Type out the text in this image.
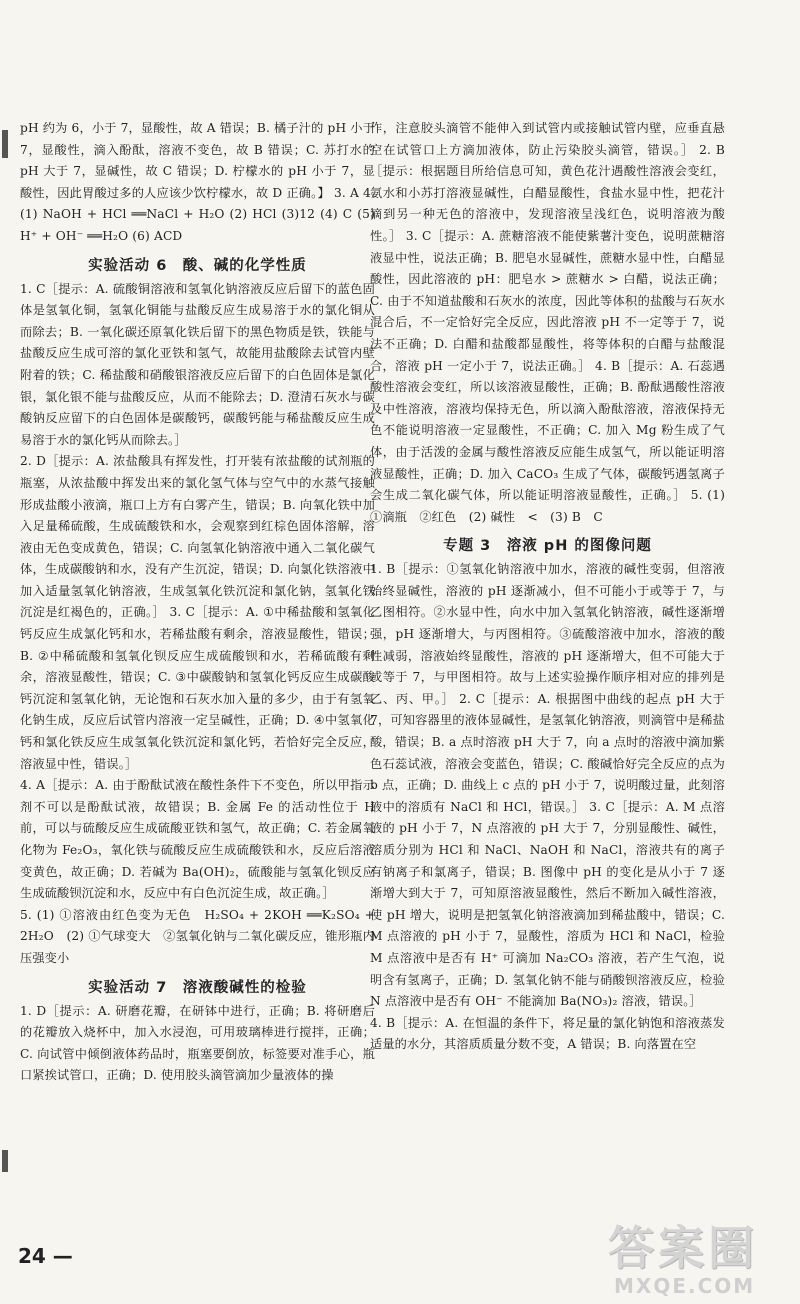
pH 约为 6，小于 7，显酸性，故 A 错误；B. 橘子汁的 pH 小于 7，显酸性，滴入酚酞，溶液不变色，故 B 错误；C. 苏打水的 pH 大于 7，显碱性，故 C 错误；D. 柠檬水的 pH 小于 7，显酸性，因此胃酸过多的人应该少饮柠檬水，故 D 正确。】 3. A 4. (1) NaOH + HCl ══NaCl + H₂O (2) HCl (3)12 (4) C (5) H⁺ + OH⁻ ══H₂O (6) ACD

实验活动 6　酸、碱的化学性质

1. C［提示：A. 硫酸铜溶液和氢氧化钠溶液反应后留下的蓝色固体是氢氧化铜，氢氧化铜能与盐酸反应生成易溶于水的氯化铜从而除去；B. 一氧化碳还原氧化铁后留下的黑色物质是铁，铁能与盐酸反应生成可溶的氯化亚铁和氢气，故能用盐酸除去试管内壁附着的铁；C. 稀盐酸和硝酸银溶液反应后留下的白色固体是氯化银，氯化银不能与盐酸反应，从而不能除去；D. 澄清石灰水与碳酸钠反应留下的白色固体是碳酸钙，碳酸钙能与稀盐酸反应生成易溶于水的氯化钙从而除去。］

2. D［提示：A. 浓盐酸具有挥发性，打开装有浓盐酸的试剂瓶的瓶塞，从浓盐酸中挥发出来的氯化氢气体与空气中的水蒸气接触形成盐酸小液滴，瓶口上方有白雾产生，错误；B. 向氧化铁中加入足量稀硫酸，生成硫酸铁和水，会观察到红棕色固体溶解，溶液由无色变成黄色，错误；C. 向氢氧化钠溶液中通入二氧化碳气体，生成碳酸钠和水，没有产生沉淀，错误；D. 向氯化铁溶液中加入适量氢氧化钠溶液，生成氢氧化铁沉淀和氯化钠，氢氧化铁沉淀是红褐色的，正确。］ 3. C［提示：A. ①中稀盐酸和氢氧化钙反应生成氯化钙和水，若稀盐酸有剩余，溶液显酸性，错误；B. ②中稀硫酸和氢氧化钡反应生成硫酸钡和水，若稀硫酸有剩余，溶液显酸性，错误；C. ③中碳酸钠和氢氧化钙反应生成碳酸钙沉淀和氢氧化钠，无论饱和石灰水加入量的多少，由于有氢氧化钠生成，反应后试管内溶液一定呈碱性，正确；D. ④中氢氧化钙和氯化铁反应生成氢氧化铁沉淀和氯化钙，若恰好完全反应，溶液显中性，错误。］

4. A［提示：A. 由于酚酞试液在酸性条件下不变色，所以甲指示剂不可以是酚酞试液，故错误；B. 金属 Fe 的活动性位于 H 前，可以与硫酸反应生成硫酸亚铁和氢气，故正确；C. 若金属氧化物为 Fe₂O₃，氧化铁与硫酸反应生成硫酸铁和水，反应后溶液变黄色，故正确；D. 若碱为 Ba(OH)₂，硫酸能与氢氧化钡反应生成硫酸钡沉淀和水，反应中有白色沉淀生成，故正确。］

5. (1) ①溶液由红色变为无色　H₂SO₄ + 2KOH ══K₂SO₄ + 2H₂O　(2) ①气球变大　②氢氧化钠与二氧化碳反应，锥形瓶内压强变小

实验活动 7　溶液酸碱性的检验

1. D［提示：A. 研磨花瓣，在研钵中进行，正确；B. 将研磨后的花瓣放入烧杯中，加入水浸泡，可用玻璃棒进行搅拌，正确；C. 向试管中倾倒液体药品时，瓶塞要倒放，标签要对准手心，瓶口紧挨试管口，正确；D. 使用胶头滴管滴加少量液体的操

作，注意胶头滴管不能伸入到试管内或接触试管内壁，应垂直悬空在试管口上方滴加液体，防止污染胶头滴管，错误。］ 2. B［提示：根据题目所给信息可知，黄色花汁遇酸性溶液会变红，氨水和小苏打溶液显碱性，白醋显酸性，食盐水显中性，把花汁滴到另一种无色的溶液中，发现溶液呈浅红色，说明溶液为酸性。］ 3. C［提示：A. 蔗糖溶液不能使紫薯汁变色，说明蔗糖溶液显中性，说法正确；B. 肥皂水显碱性，蔗糖水显中性，白醋显酸性，因此溶液的 pH：肥皂水 > 蔗糖水 > 白醋，说法正确；C. 由于不知道盐酸和石灰水的浓度，因此等体积的盐酸与石灰水混合后，不一定恰好完全反应，因此溶液 pH 不一定等于 7，说法不正确；D. 白醋和盐酸都显酸性，将等体积的白醋与盐酸混合，溶液 pH 一定小于 7，说法正确。］ 4. B［提示：A. 石蕊遇酸性溶液会变红，所以该溶液显酸性，正确；B. 酚酞遇酸性溶液及中性溶液，溶液均保持无色，所以滴入酚酞溶液，溶液保持无色不能说明溶液一定显酸性，不正确；C. 加入 Mg 粉生成了气体，由于活泼的金属与酸性溶液反应能生成氢气，所以能证明溶液显酸性，正确；D. 加入 CaCO₃ 生成了气体，碳酸钙遇氢离子会生成二氧化碳气体，所以能证明溶液显酸性，正确。］ 5. (1) ①滴瓶　②红色　(2) 碱性　<　(3) B　C

专题 3　溶液 pH 的图像问题

1. B［提示：①氢氧化钠溶液中加水，溶液的碱性变弱，但溶液始终显碱性，溶液的 pH 逐渐减小，但不可能小于或等于 7，与乙图相符。②水显中性，向水中加入氢氧化钠溶液，碱性逐渐增强，pH 逐渐增大，与丙图相符。③硫酸溶液中加水，溶液的酸性减弱，溶液始终显酸性，溶液的 pH 逐渐增大，但不可能大于或等于 7，与甲图相符。故与上述实验操作顺序相对应的排列是乙、丙、甲。］ 2. C［提示：A. 根据图中曲线的起点 pH 大于 7，可知容器里的液体显碱性，是氢氧化钠溶液，则滴管中是稀盐酸，错误；B. a 点时溶液 pH 大于 7，向 a 点时的溶液中滴加紫色石蕊试液，溶液会变蓝色，错误；C. 酸碱恰好完全反应的点为 b 点，正确；D. 曲线上 c 点的 pH 小于 7，说明酸过量，此刻溶液中的溶质有 NaCl 和 HCl，错误。］ 3. C［提示：A. M 点溶液的 pH 小于 7，N 点溶液的 pH 大于 7，分别显酸性、碱性，溶质分别为 HCl 和 NaCl、NaOH 和 NaCl，溶液共有的离子有钠离子和氯离子，错误；B. 图像中 pH 的变化是从小于 7 逐渐增大到大于 7，可知原溶液显酸性，然后不断加入碱性溶液，使 pH 增大，说明是把氢氧化钠溶液滴加到稀盐酸中，错误；C. M 点溶液的 pH 小于 7，显酸性，溶质为 HCl 和 NaCl，检验 M 点溶液中是否有 H⁺ 可滴加 Na₂CO₃ 溶液，若产生气泡，说明含有氢离子，正确；D. 氢氧化钠不能与硝酸钡溶液反应，检验 N 点溶液中是否有 OH⁻ 不能滴加 Ba(NO₃)₂ 溶液，错误。］

4. B［提示：A. 在恒温的条件下，将足量的氯化钠饱和溶液蒸发适量的水分，其溶质质量分数不变，A 错误；B. 向落置在空

24 —	答案圈
MXQE.COM
